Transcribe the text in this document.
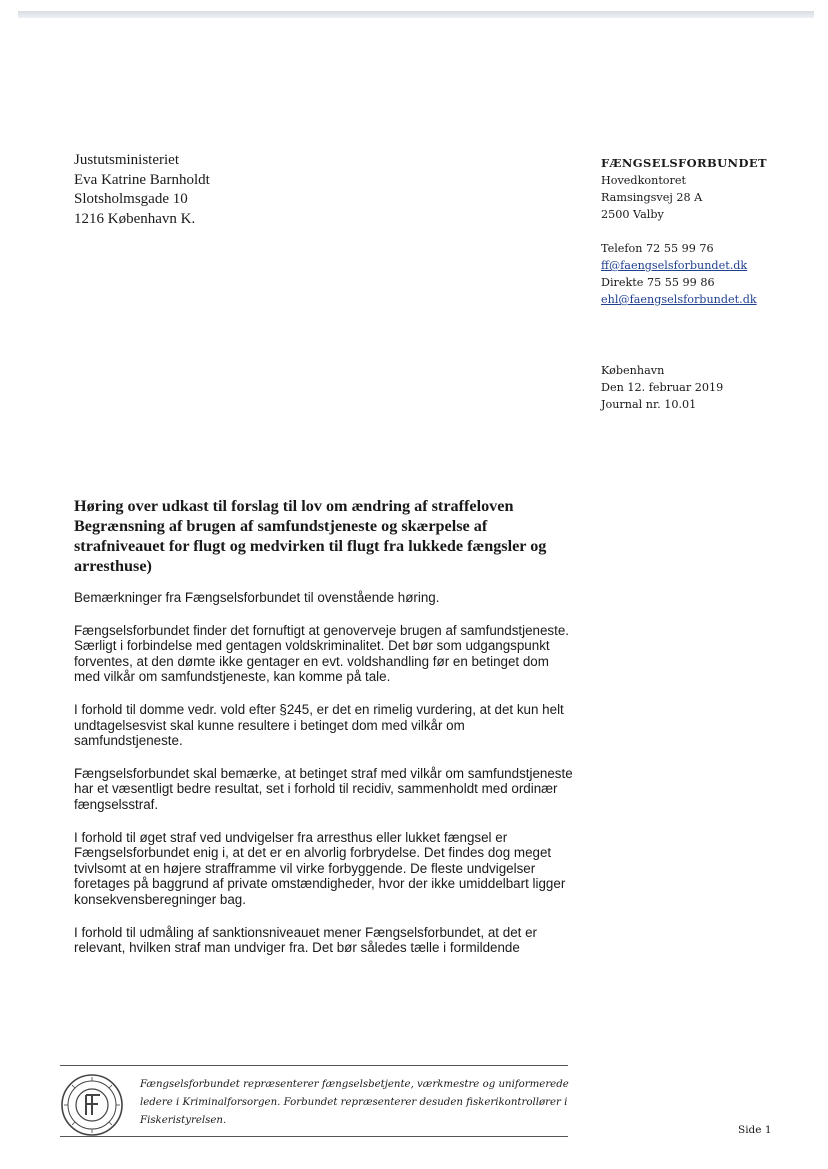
Justutsministeriet
Eva Katrine Barnholdt
Slotsholmsgade 10
1216 København K.
FÆNGSELSFORBUNDET
Hovedkontoret
Ramsingsvej 28 A
2500 Valby
Telefon 72 55 99 76
ff@faengselsforbundet.dk
Direkte 75 55 99 86
ehl@faengselsforbundet.dk
København
Den 12. februar 2019
Journal nr. 10.01
Høring over udkast til forslag til lov om ændring af straffeloven Begrænsning af brugen af samfundstjeneste og skærpelse af strafniveauet for flugt og medvirken til flugt fra lukkede fængsler og arresthuse)

Bemærkninger fra Fængselsforbundet til ovenstående høring.

Fængselsforbundet finder det fornuftigt at genoverveje brugen af samfundstjeneste. Særligt i forbindelse med gentagen voldskriminalitet. Det bør som udgangspunkt forventes, at den dømte ikke gentager en evt. voldshandling før en betinget dom med vilkår om samfundstjeneste, kan komme på tale.

I forhold til domme vedr. vold efter §245, er det en rimelig vurdering, at det kun helt undtagelsesvist skal kunne resultere i betinget dom med vilkår om samfundstjeneste.

Fængselsforbundet skal bemærke, at betinget straf med vilkår om samfundstjeneste har et væsentligt bedre resultat, set i forhold til recidiv, sammenholdt med ordinær fængselsstraf.

I forhold til øget straf ved undvigelser fra arresthus eller lukket fængsel er Fængselsforbundet enig i, at det er en alvorlig forbrydelse. Det findes dog meget tvivlsomt at en højere strafframme vil virke forbyggende. De fleste undvigelser foretages på baggrund af private omstændigheder, hvor der ikke umiddelbart ligger konsekvensberegninger bag.

I forhold til udmåling af sanktionsniveauet mener Fængselsforbundet, at det er relevant, hvilken straf man undviger fra. Det bør således tælle i formildende

Fængselsforbundet repræsenterer fængselsbetjente, værkmestre og uniformerede ledere i Kriminalforsorgen. Forbundet repræsenterer desuden fiskerikontrollører i Fiskeristyrelsen.
Side 1
